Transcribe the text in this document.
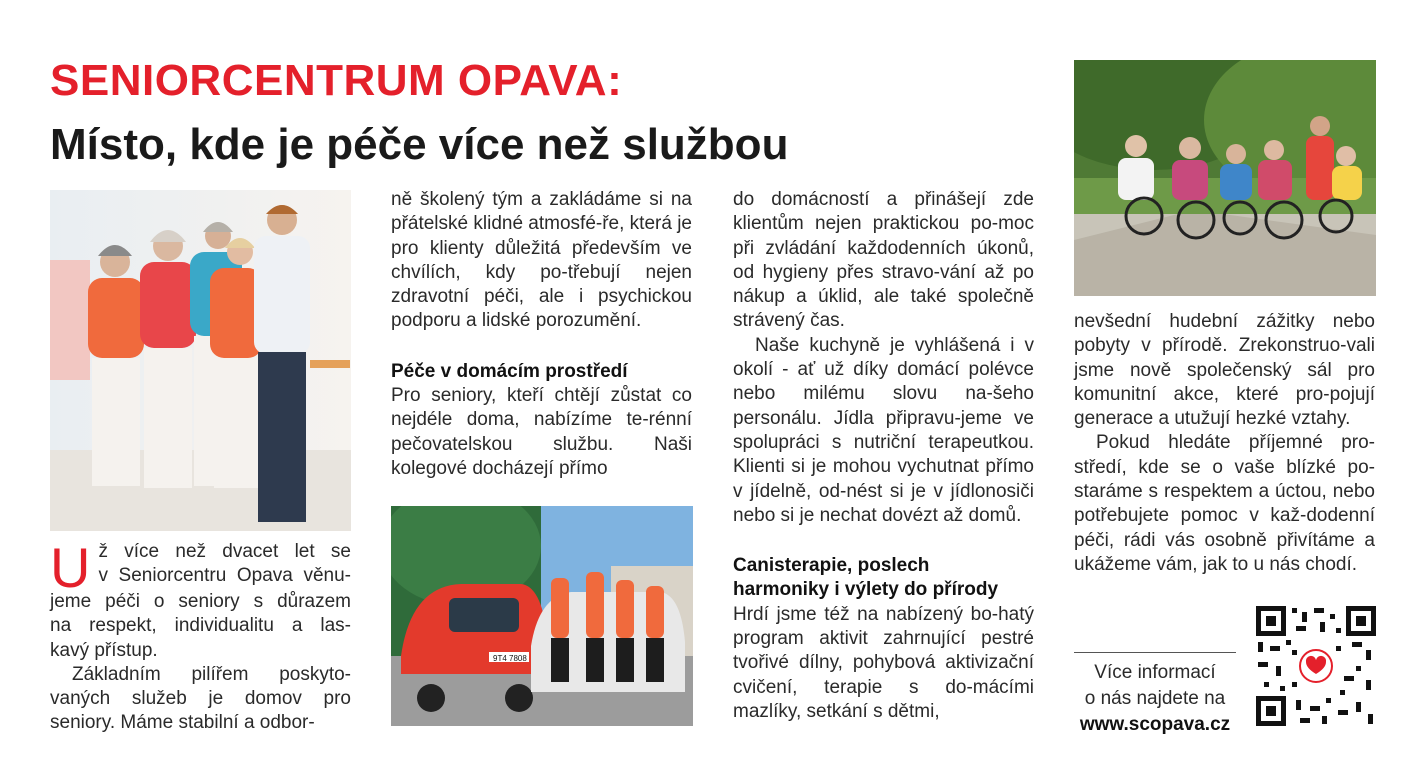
SENIORCENTRUM OPAVA:
Místo, kde je péče více než službou
U ž více než dvacet let se
v Seniorcentru Opava věnu-
jeme péči o seniory s důrazem
na respekt, individualitu a las-
kavý přístup.

Základním pilířem poskyto-vaných služeb je domov pro seniory. Máme stabilní a odbor-

ně školený tým a zakládáme si na přátelské klidné atmosfé-ře, která je pro klienty důležitá především ve chvílích, kdy po-třebují nejen zdravotní péči, ale i psychickou podporu a lidské porozumění.

Péče v domácím prostředí

Pro seniory, kteří chtějí zůstat co nejdéle doma, nabízíme te-rénní pečovatelskou službu. Naši kolegové docházejí přímo

9T4 7808

do domácností a přinášejí zde klientům nejen praktickou po-moc při zvládání každodenních úkonů, od hygieny přes stravo-vání až po nákup a úklid, ale také společně strávený čas.

Naše kuchyně je vyhlášená i v okolí - ať už díky domácí polévce nebo milému slovu na-šeho personálu. Jídla připravu-jeme ve spolupráci s nutriční terapeutkou. Klienti si je mohou vychutnat přímo v jídelně, od-nést si je v jídlonosiči nebo si je nechat dovézt až domů.

Canisterapie, poslech

harmoniky i výlety do přírody

Hrdí jsme též na nabízený bo-hatý program aktivit zahrnující pestré tvořivé dílny, pohybová aktivizační cvičení, terapie s do-mácími mazlíky, setkání s dětmi,

nevšední hudební zážitky nebo pobyty v přírodě. Zrekonstruo-vali jsme nově společenský sál pro komunitní akce, které pro-pojují generace a utužují hezké vztahy.

Pokud hledáte příjemné pro-středí, kde se o vaše blízké po-staráme s respektem a úctou, nebo potřebujete pomoc v kaž-dodenní péči, rádi vás osobně přivítáme a ukážeme vám, jak to u nás chodí.

Více informací
o nás najdete na
www.scopava.cz
